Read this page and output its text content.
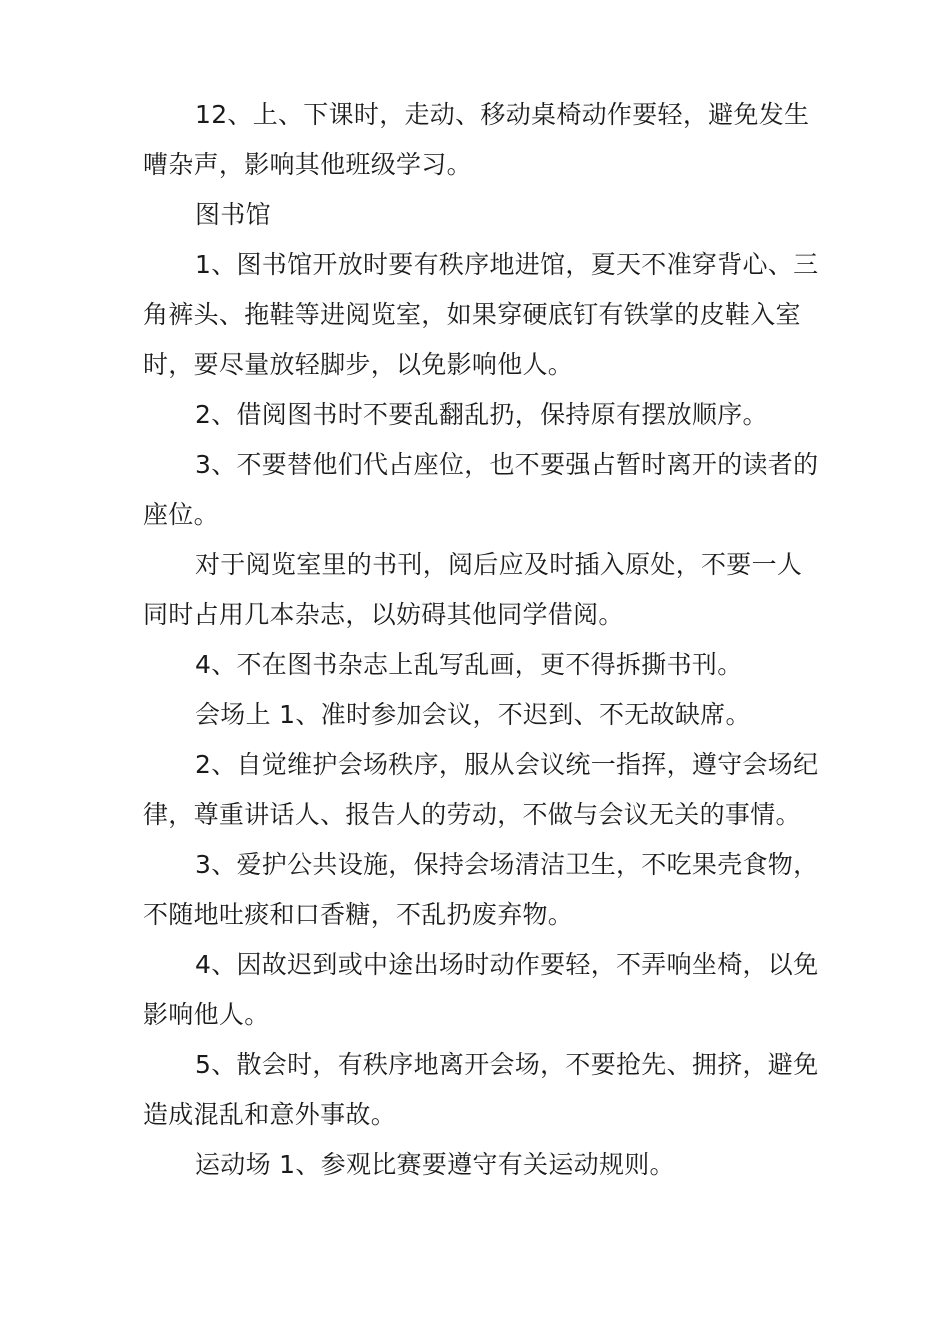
12、上、下课时，走动、移动桌椅动作要轻，避免发生嘈杂声，影响其他班级学习。

图书馆

1、图书馆开放时要有秩序地进馆，夏天不准穿背心、三角裤头、拖鞋等进阅览室，如果穿硬底钉有铁掌的皮鞋入室时，要尽量放轻脚步，以免影响他人。

2、借阅图书时不要乱翻乱扔，保持原有摆放顺序。

3、不要替他们代占座位，也不要强占暂时离开的读者的座位。

对于阅览室里的书刊，阅后应及时插入原处，不要一人同时占用几本杂志，以妨碍其他同学借阅。

4、不在图书杂志上乱写乱画，更不得拆撕书刊。

会场上 1、准时参加会议，不迟到、不无故缺席。

2、自觉维护会场秩序，服从会议统一指挥，遵守会场纪律，尊重讲话人、报告人的劳动，不做与会议无关的事情。

3、爱护公共设施，保持会场清洁卫生，不吃果壳食物，不随地吐痰和口香糖，不乱扔废弃物。

4、因故迟到或中途出场时动作要轻，不弄响坐椅，以免影响他人。

5、散会时，有秩序地离开会场，不要抢先、拥挤，避免造成混乱和意外事故。

运动场 1、参观比赛要遵守有关运动规则。
